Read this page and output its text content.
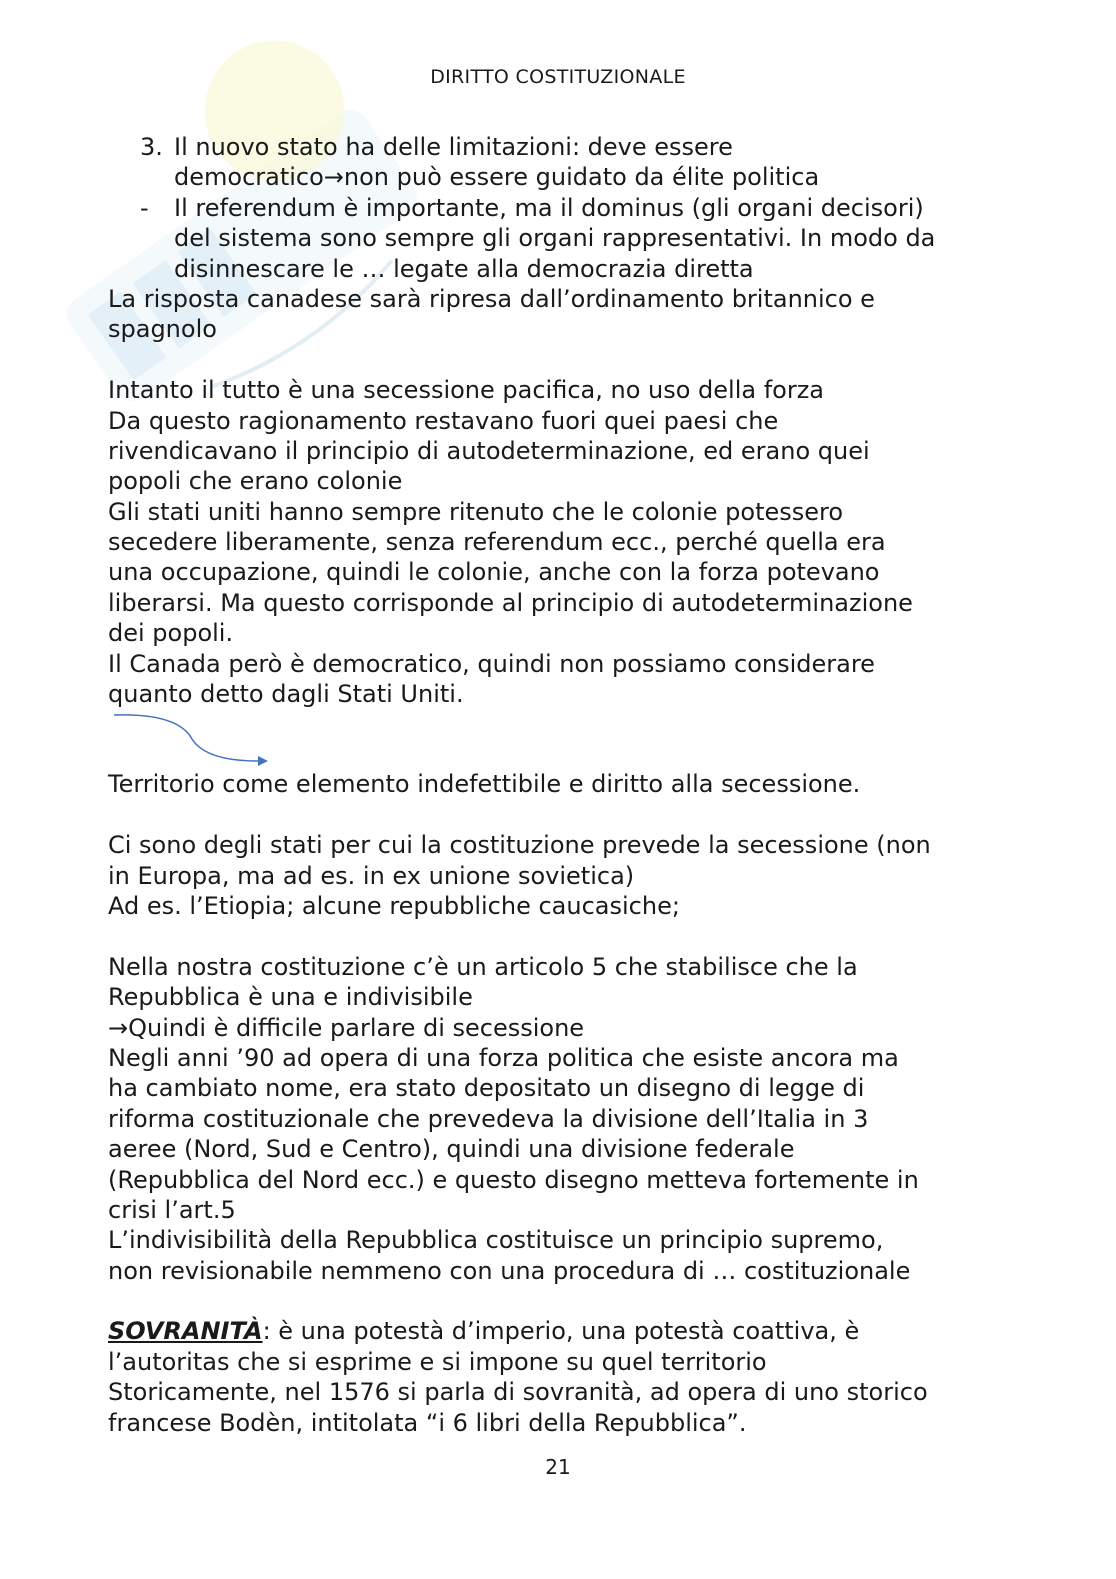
DIRITTO COSTITUZIONALE
3. Il nuovo stato ha delle limitazioni: deve essere
democratico→non può essere guidato da élite politica
-	Il referendum è importante, ma il dominus (gli organi decisori)
del sistema sono sempre gli organi rappresentativi. In modo da
disinnescare le … legate alla democrazia diretta
La risposta canadese sarà ripresa dall’ordinamento britannico e
spagnolo
Intanto il tutto è una secessione pacifica, no uso della forza
Da questo ragionamento restavano fuori quei paesi che
rivendicavano il principio di autodeterminazione, ed erano quei
popoli che erano colonie
Gli stati uniti hanno sempre ritenuto che le colonie potessero
secedere liberamente, senza referendum ecc., perché quella era
una occupazione, quindi le colonie, anche con la forza potevano
liberarsi. Ma questo corrisponde al principio di autodeterminazione
dei popoli.
Il Canada però è democratico, quindi non possiamo considerare
quanto detto dagli Stati Uniti.
Territorio come elemento indefettibile e diritto alla secessione.
Ci sono degli stati per cui la costituzione prevede la secessione (non
in Europa, ma ad es. in ex unione sovietica)
Ad es. l’Etiopia; alcune repubbliche caucasiche;
Nella nostra costituzione c’è un articolo 5 che stabilisce che la
Repubblica è una e indivisibile
→Quindi è difficile parlare di secessione
Negli anni ’90 ad opera di una forza politica che esiste ancora ma
ha cambiato nome, era stato depositato un disegno di legge di
riforma costituzionale che prevedeva la divisione dell’Italia in 3
aeree (Nord, Sud e Centro), quindi una divisione federale
(Repubblica del Nord ecc.) e questo disegno metteva fortemente in
crisi l’art.5
L’indivisibilità della Repubblica costituisce un principio supremo,
non revisionabile nemmeno con una procedura di … costituzionale
SOVRANITÀ: è una potestà d’imperio, una potestà coattiva, è
l’autoritas che si esprime e si impone su quel territorio
Storicamente, nel 1576 si parla di sovranità, ad opera di uno storico
francese Bodèn, intitolata “i 6 libri della Repubblica”.
21
